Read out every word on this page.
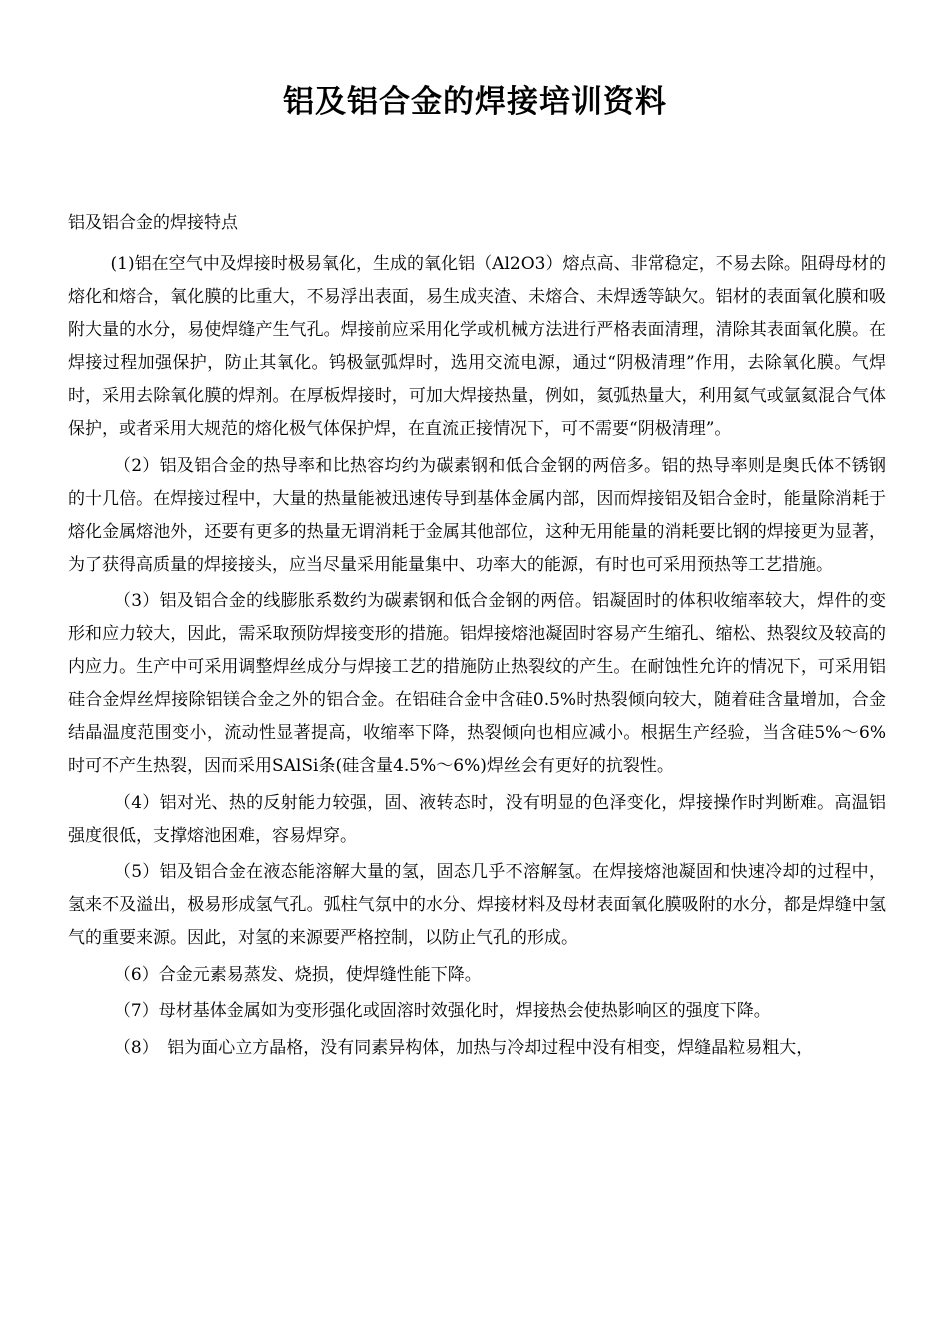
铝及铝合金的焊接培训资料

铝及铝合金的焊接特点

(1)铝在空气中及焊接时极易氧化，生成的氧化铝（Al2O3）熔点高、非常稳定，不易去除。阻碍母材的熔化和熔合，氧化膜的比重大，不易浮出表面，易生成夹渣、未熔合、未焊透等缺欠。铝材的表面氧化膜和吸附大量的水分，易使焊缝产生气孔。焊接前应采用化学或机械方法进行严格表面清理，清除其表面氧化膜。在焊接过程加强保护，防止其氧化。钨极氩弧焊时，选用交流电源，通过“阴极清理”作用，去除氧化膜。气焊时，采用去除氧化膜的焊剂。在厚板焊接时，可加大焊接热量，例如，氦弧热量大，利用氦气或氩氦混合气体保护，或者采用大规范的熔化极气体保护焊，在直流正接情况下，可不需要“阴极清理”。

（2）铝及铝合金的热导率和比热容均约为碳素钢和低合金钢的两倍多。铝的热导率则是奥氏体不锈钢的十几倍。在焊接过程中，大量的热量能被迅速传导到基体金属内部，因而焊接铝及铝合金时，能量除消耗于熔化金属熔池外，还要有更多的热量无谓消耗于金属其他部位，这种无用能量的消耗要比钢的焊接更为显著，为了获得高质量的焊接接头，应当尽量采用能量集中、功率大的能源，有时也可采用预热等工艺措施。

（3）铝及铝合金的线膨胀系数约为碳素钢和低合金钢的两倍。铝凝固时的体积收缩率较大，焊件的变形和应力较大，因此，需采取预防焊接变形的措施。铝焊接熔池凝固时容易产生缩孔、缩松、热裂纹及较高的内应力。生产中可采用调整焊丝成分与焊接工艺的措施防止热裂纹的产生。在耐蚀性允许的情况下，可采用铝硅合金焊丝焊接除铝镁合金之外的铝合金。在铝硅合金中含硅0.5%时热裂倾向较大，随着硅含量增加，合金结晶温度范围变小，流动性显著提高，收缩率下降，热裂倾向也相应减小。根据生产经验，当含硅5%～6%时可不产生热裂，因而采用SAlSi条(硅含量4.5%～6%)焊丝会有更好的抗裂性。

（4）铝对光、热的反射能力较强，固、液转态时，没有明显的色泽变化，焊接操作时判断难。高温铝强度很低，支撑熔池困难，容易焊穿。

（5）铝及铝合金在液态能溶解大量的氢，固态几乎不溶解氢。在焊接熔池凝固和快速冷却的过程中，氢来不及溢出，极易形成氢气孔。弧柱气氛中的水分、焊接材料及母材表面氧化膜吸附的水分，都是焊缝中氢气的重要来源。因此，对氢的来源要严格控制，以防止气孔的形成。

（6）合金元素易蒸发、烧损，使焊缝性能下降。

（7）母材基体金属如为变形强化或固溶时效强化时，焊接热会使热影响区的强度下降。

（8）　铝为面心立方晶格，没有同素异构体，加热与冷却过程中没有相变，焊缝晶粒易粗大，
